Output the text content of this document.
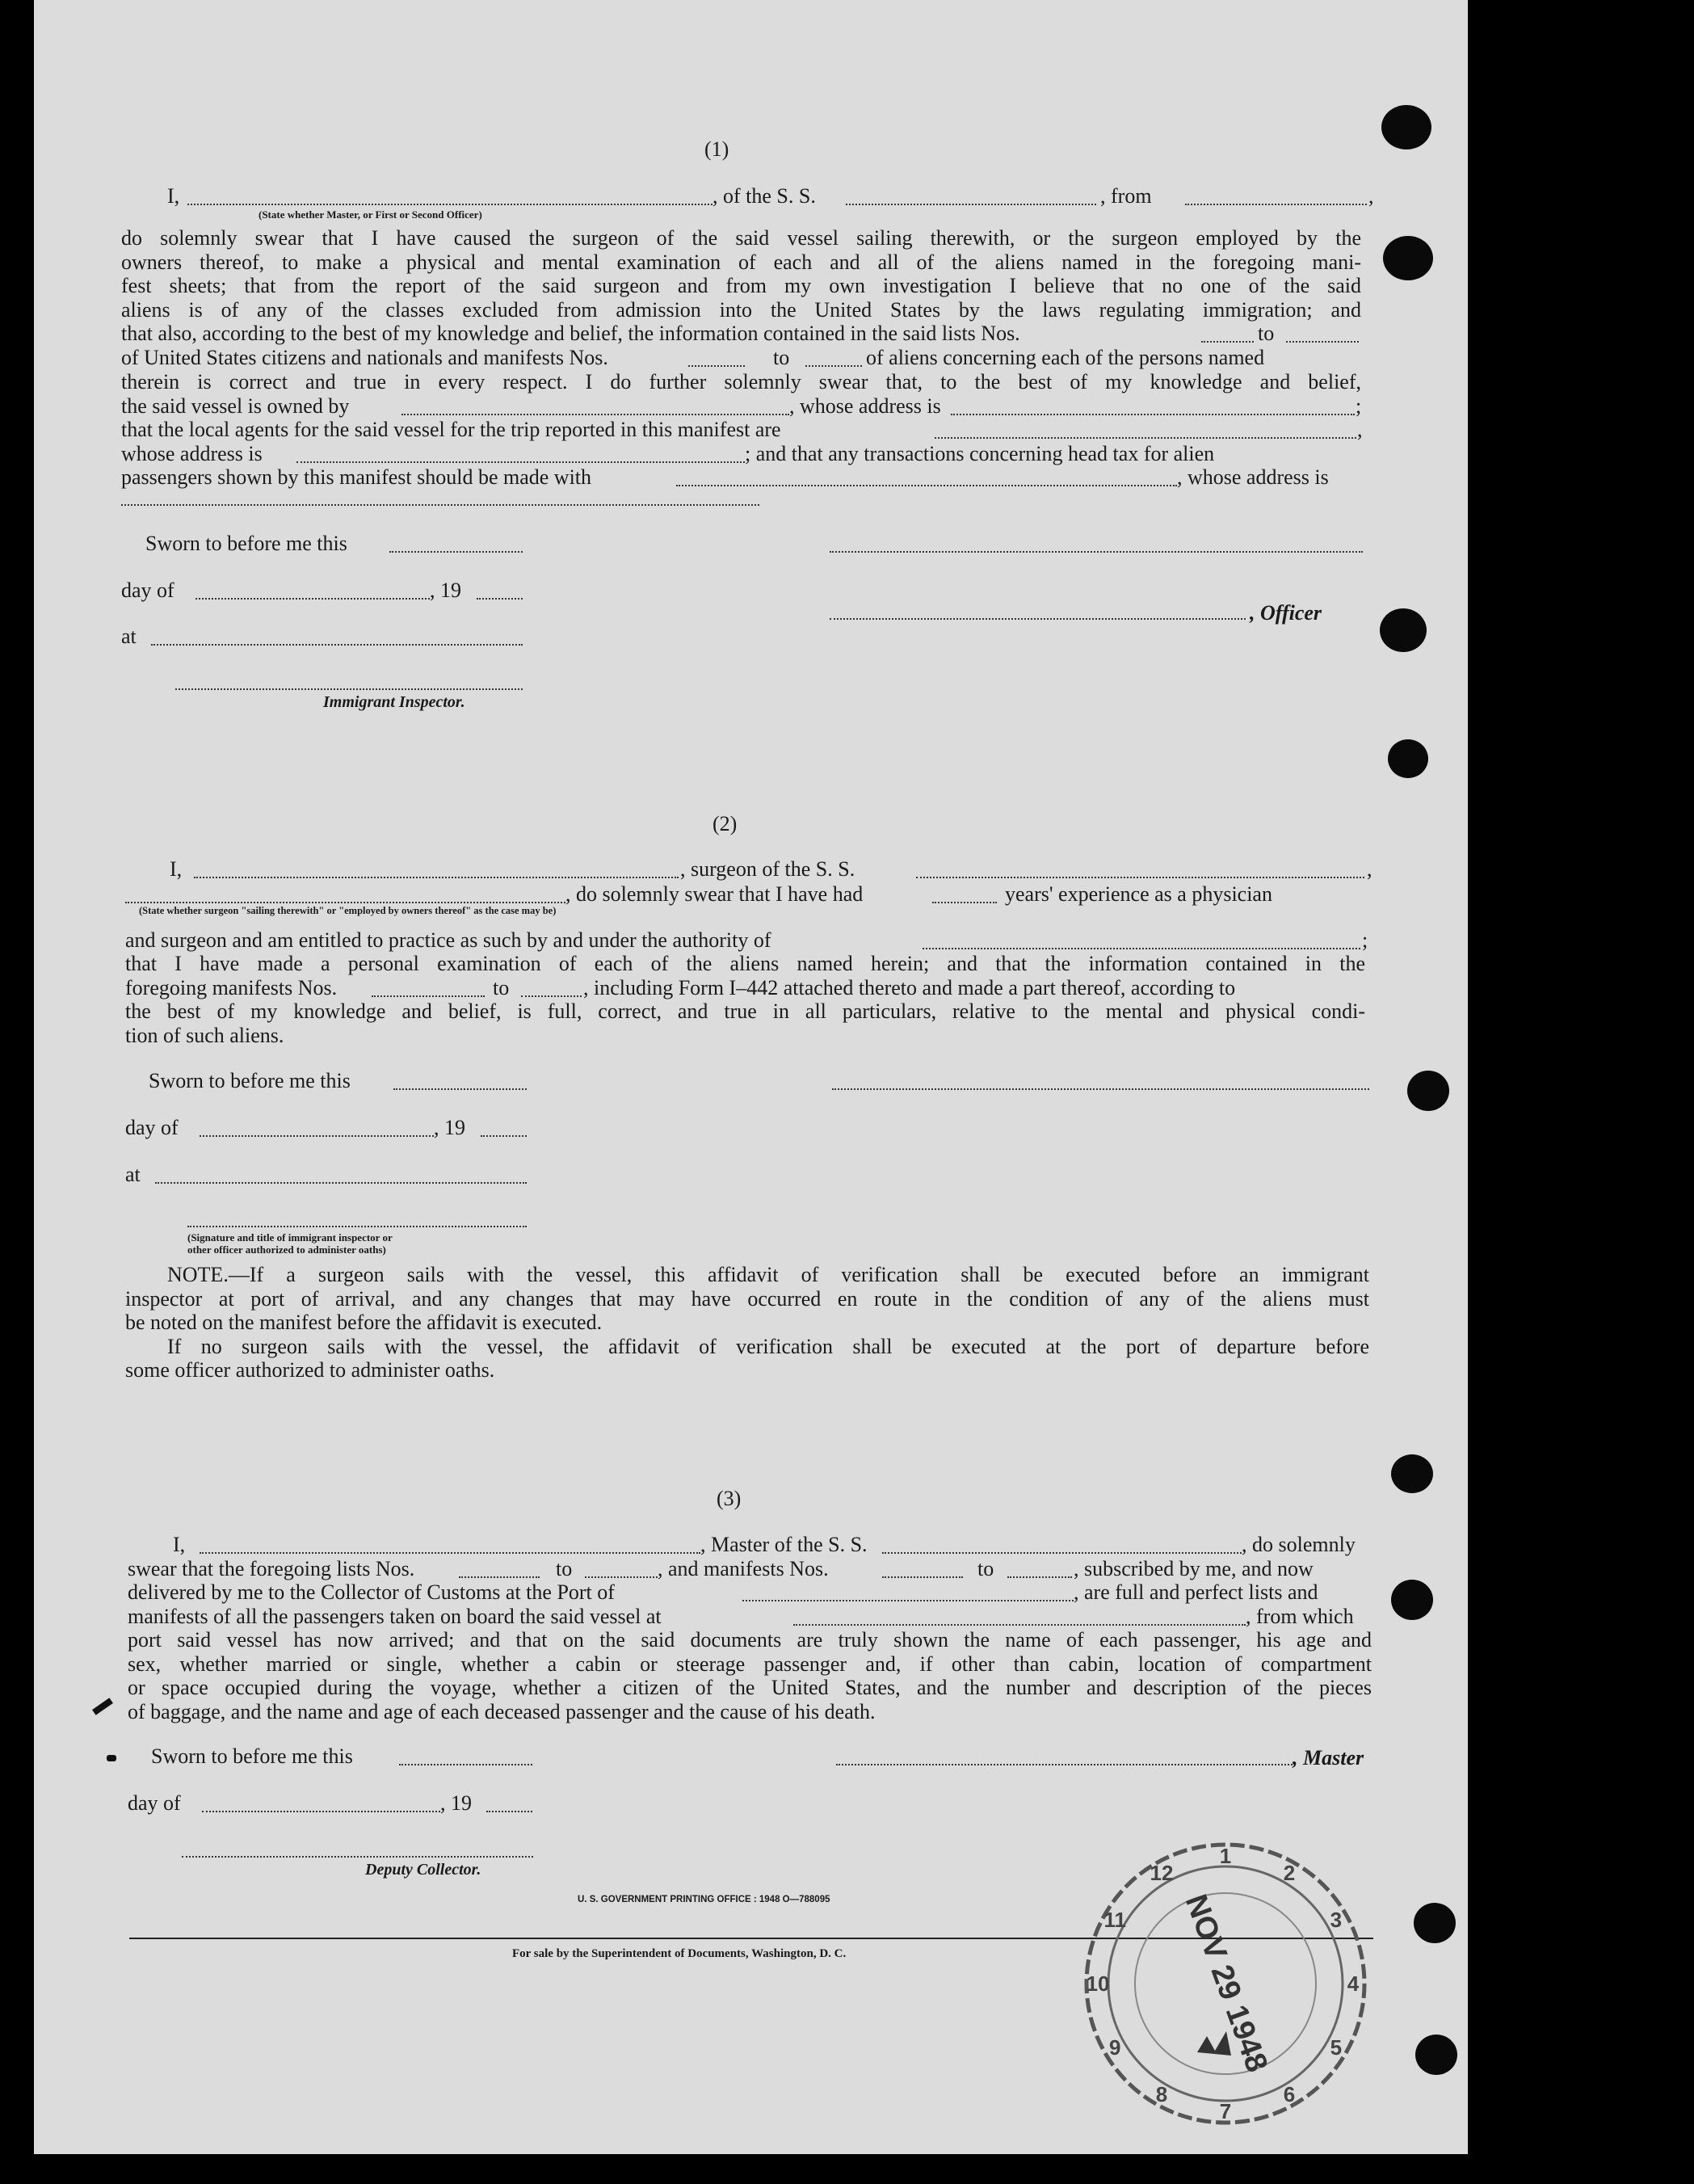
(1)
I,	, of the S. S.	, from	,
(State whether Master, or First or Second Officer)
do solemnly swear that I have caused the surgeon of the said vessel sailing therewith, or the surgeon employed by the
owners thereof, to make a physical and mental examination of each and all of the aliens named in the foregoing mani-
fest sheets; that from the report of the said surgeon and from my own investigation I believe that no one of the said
aliens is of any of the classes excluded from admission into the United States by the laws regulating immigration; and
that also, according to the best of my knowledge and belief, the information contained in the said lists Nos.	to
of United States citizens and nationals and manifests Nos.	to	of aliens concerning each of the persons named
therein is correct and true in every respect. I do further solemnly swear that, to the best of my knowledge and belief,
the said vessel is owned by	, whose address is	;
that the local agents for the said vessel for the trip reported in this manifest are	,
whose address is	; and that any transactions concerning head tax for alien
passengers shown by this manifest should be made with	, whose address is
Sworn to before me this
day of	, 19
, Officer
at
Immigrant Inspector.
(2)
I,	, surgeon of the S. S.	,
, do solemnly swear that I have had	years' experience as a physician
(State whether surgeon "sailing therewith" or "employed by owners thereof" as the case may be)
and surgeon and am entitled to practice as such by and under the authority of	;
that I have made a personal examination of each of the aliens named herein; and that the information contained in the
foregoing manifests Nos.	to	, including Form I–442 attached thereto and made a part thereof, according to
the best of my knowledge and belief, is full, correct, and true in all particulars, relative to the mental and physical condi-
tion of such aliens.
Sworn to before me this
day of	, 19
at
(Signature and title of immigrant inspector or
other officer authorized to administer oaths)
NOTE.—If a surgeon sails with the vessel, this affidavit of verification shall be executed before an immigrant
inspector at port of arrival, and any changes that may have occurred en route in the condition of any of the aliens must
be noted on the manifest before the affidavit is executed.
If no surgeon sails with the vessel, the affidavit of verification shall be executed at the port of departure before
some officer authorized to administer oaths.
(3)
I,	, Master of the S. S.	, do solemnly
swear that the foregoing lists Nos.	to	, and manifests Nos.	to	, subscribed by me, and now
delivered by me to the Collector of Customs at the Port of	, are full and perfect lists and
manifests of all the passengers taken on board the said vessel at	, from which
port said vessel has now arrived; and that on the said documents are truly shown the name of each passenger, his age and
sex, whether married or single, whether a cabin or steerage passenger and, if other than cabin, location of compartment
or space occupied during the voyage, whether a citizen of the United States, and the number and description of the pieces
of baggage, and the name and age of each deceased passenger and the cause of his death.
Sworn to before me this	, Master
day of	, 19
Deputy Collector.
U. S. GOVERNMENT PRINTING OFFICE : 1948 O—788095
For sale by the Superintendent of Documents, Washington, D. C.
1
2
3
4
5
6
7
8
9
10
11
12
NOV 29 1948
